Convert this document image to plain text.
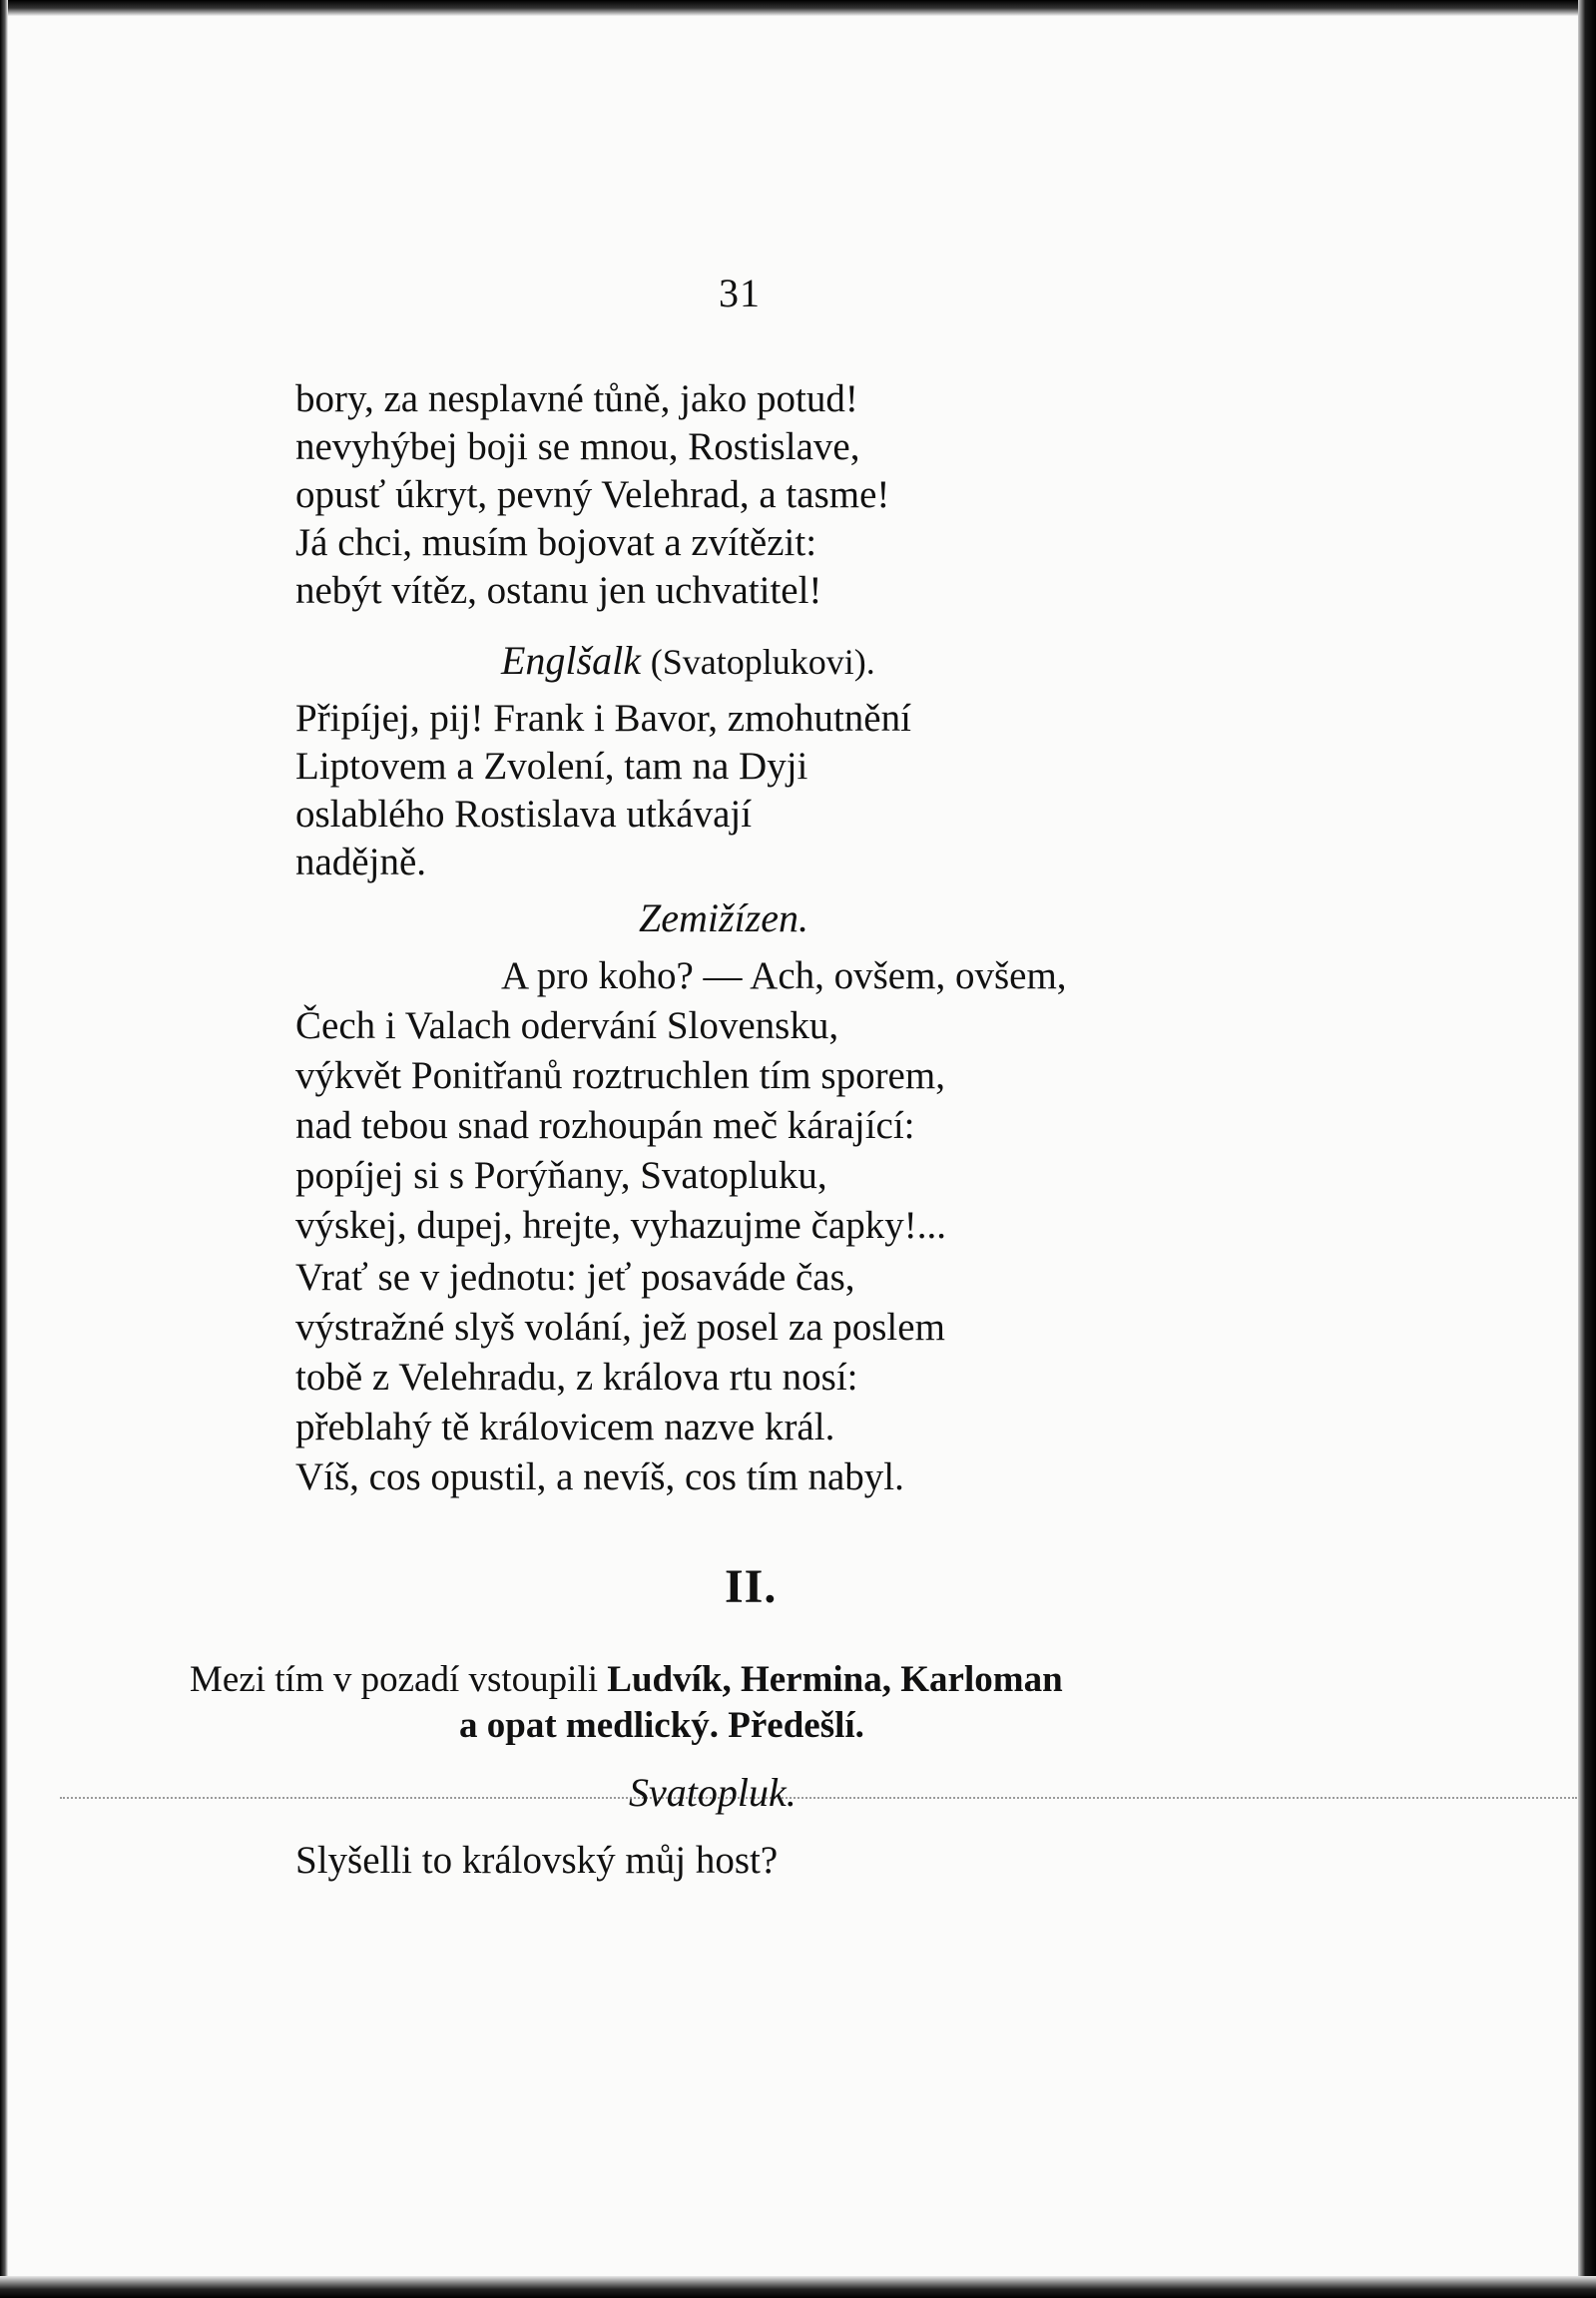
31
bory, za nesplavné tůně, jako potud!
nevyhýbej boji se mnou, Rostislave,
opusť úkryt, pevný Velehrad, a tasme!
Já chci, musím bojovat a zvítězit:
nebýt vítěz, ostanu jen uchvatitel!
Englšalk (Svatoplukovi).
Připíjej, pij! Frank i Bavor, zmohutnění
Liptovem a Zvolení, tam na Dyji
oslablého Rostislava utkávají
nadějně.
Zemižízen.
A pro koho? — Ach, ovšem, ovšem,
Čech i Valach odervání Slovensku,
výkvět Ponitřanů roztruchlen tím sporem,
nad tebou snad rozhoupán meč kárající:
popíjej si s Porýňany, Svatopluku,
výskej, dupej, hrejte, vyhazujme čapky!...
Vrať se v jednotu: jeť posaváde čas,
výstražné slyš volání, jež posel za poslem
tobě z Velehradu, z králova rtu nosí:
přeblahý tě královicem nazve král.
Víš, cos opustil, a nevíš, cos tím nabyl.
II.
Mezi tím v pozadí vstoupili Ludvík, Hermina, Karloman
a opat medlický. Předešlí.
Svatopluk.
Slyšelli to královský můj host?
